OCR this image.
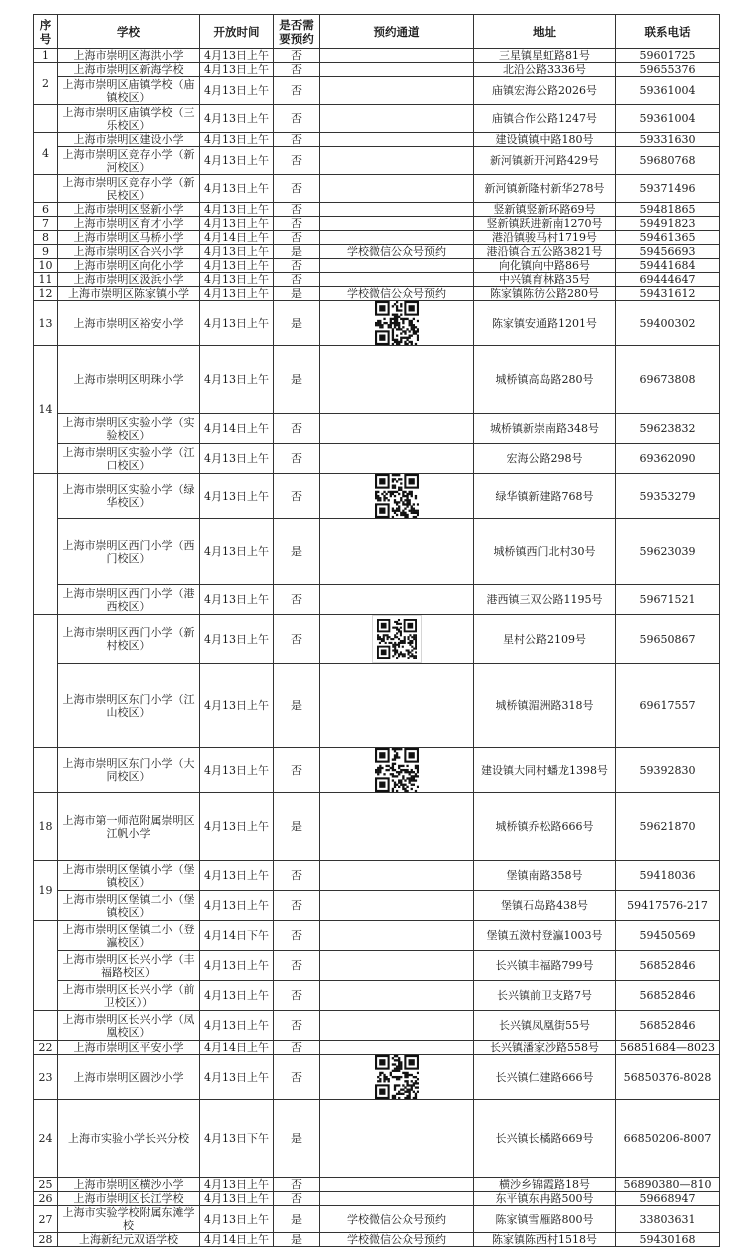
序号	学校	开放时间	是否需要预约	预约通道	地址	联系电话
1	上海市崇明区海洪小学	4月13日上午	否		三星镇星虹路81号	59601725
2	上海市崇明区新海学校	4月13日上午	否		北沿公路3336号	59655376
	上海市崇明区庙镇学校（庙镇校区）	4月13日上午	否		庙镇宏海公路2026号	59361004
	上海市崇明区庙镇学校（三乐校区）	4月13日上午	否		庙镇合作公路1247号	59361004
4	上海市崇明区建设小学	4月13日上午	否		建设镇镇中路180号	59331630
	上海市崇明区竞存小学（新河校区）	4月13日上午	否		新河镇新开河路429号	59680768
	上海市崇明区竞存小学（新民校区）	4月13日上午	否		新河镇新隆村新华278号	59371496
6	上海市崇明区竖新小学	4月13日上午	否		竖新镇竖新环路69号	59481865
7	上海市崇明区育才小学	4月13日上午	否		竖新镇跃进新南1270号	59491823
8	上海市崇明区马桥小学	4月14日上午	否		港沿镇骏马村1719号	59461365
9	上海市崇明区合兴小学	4月13日上午	是	学校微信公众号预约	港沿镇合五公路3821号	59456693
10	上海市崇明区向化小学	4月13日上午	否		向化镇向中路86号	59441684
11	上海市崇明区汲浜小学	4月13日上午	否		中兴镇育林路35号	69444647
12	上海市崇明区陈家镇小学	4月13日上午	是	学校微信公众号预约	陈家镇陈彷公路280号	59431612
13	上海市崇明区裕安小学	4月13日上午	是		陈家镇安通路1201号	59400302
14	上海市崇明区明珠小学	4月13日上午	是		城桥镇高岛路280号	69673808
	上海市崇明区实验小学（实验校区）	4月14日上午	否		城桥镇新崇南路348号	59623832
	上海市崇明区实验小学（江口校区）	4月13日上午	否		宏海公路298号	69362090
	上海市崇明区实验小学（绿华校区）	4月13日上午	否		绿华镇新建路768号	59353279
	上海市崇明区西门小学（西门校区）	4月13日上午	是		城桥镇西门北村30号	59623039
	上海市崇明区西门小学（港西校区）	4月13日上午	否		港西镇三双公路1195号	59671521
	上海市崇明区西门小学（新村校区）	4月13日上午	否		星村公路2109号	59650867
	上海市崇明区东门小学（江山校区）	4月13日上午	是		城桥镇湄洲路318号	69617557
	上海市崇明区东门小学（大同校区）	4月13日上午	否		建设镇大同村蟠龙1398号	59392830
18	上海市第一师范附属崇明区江帆小学	4月13日上午	是		城桥镇乔松路666号	59621870
19	上海市崇明区堡镇小学（堡镇校区）	4月13日上午	否		堡镇南路358号	59418036
	上海市崇明区堡镇二小（堡镇校区）	4月13日上午	否		堡镇石岛路438号	59417576-217
	上海市崇明区堡镇二小（登瀛校区）	4月14日下午	否		堡镇五滧村登瀛1003号	59450569
	上海市崇明区长兴小学（丰福路校区）	4月13日上午	否		长兴镇丰福路799号	56852846
	上海市崇明区长兴小学（前卫校区））	4月13日上午	否		长兴镇前卫支路7号	56852846
	上海市崇明区长兴小学（凤凰校区）	4月13日上午	否		长兴镇凤凰街55号	56852846
22	上海市崇明区平安小学	4月14日上午	否		长兴镇潘家沙路558号	56851684—8023
23	上海市崇明区圆沙小学	4月13日上午	否		长兴镇仁建路666号	56850376-8028
24	上海市实验小学长兴分校	4月13日下午	是		长兴镇长橘路669号	66850206-8007
25	上海市崇明区横沙小学	4月13日上午	否		横沙乡锦霞路18号	56890380—810
26	上海市崇明区长江学校	4月13日上午	否		东平镇东冉路500号	59668947
27	上海市实验学校附属东滩学校	4月13日上午	是	学校微信公众号预约	陈家镇雪雁路800号	33803631
28	上海新纪元双语学校	4月14日上午	是	学校微信公众号预约	陈家镇陈西村1518号	59430168
